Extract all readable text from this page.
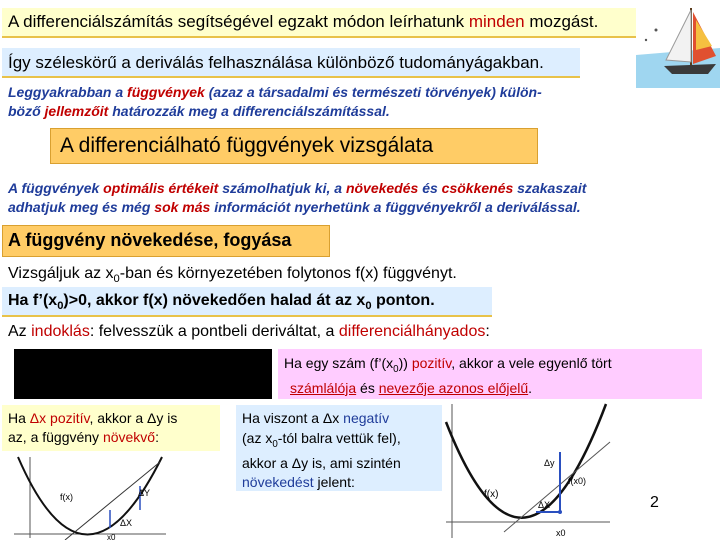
A differenciálszámítás segítségével egzakt módon leírhatunk minden mozgást.
Így széleskörű a deriválás felhasználása különböző tudományágakban.
Leggyakrabban a függvények (azaz a társadalmi és természeti törvények) külön-
böző jellemzőit határozzák meg a differenciálszámítással.
A differenciálható függvények vizsgálata
A függvények optimális értékeit számolhatjuk ki, a növekedés és csökkenés szakaszait
adhatjuk meg és még sok más információt nyerhetünk a függvényekről a deriválással.
A függvény növekedése, fogyása
Vizsgáljuk az $x_0$-ban és környezetében folytonos f(x) függvényt.
Ha $f’(x_0)>0$, akkor f(x) növekedően halad át az $x_0$ ponton.
Az indoklás: felvesszük a pontbeli deriváltat, a differenciálhányados:
Ha egy szám $(f’(x_0))$ pozitív, akkor a vele egyenlő tört
számlálója és nevezője azonos előjelű.
Ha Δx pozitív, akkor a Δy is
az, a függvény növekvő:
f(x)	ΔY
ΔX
x0
Ha viszont a Δx negatív
(az $x_0$-tól balra vettük fel),
akkor a Δy is, ami szintén
növekedést jelent:
f(x)
f(x0)
Δy
ΔX
x0
2
